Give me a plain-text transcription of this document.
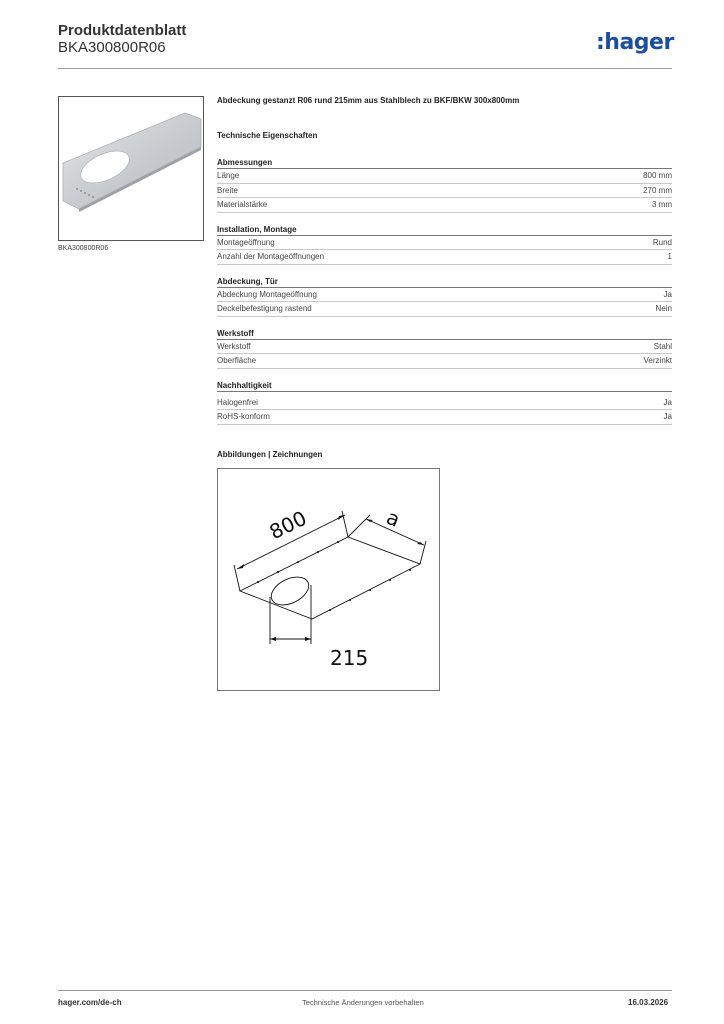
Produktdatenblatt
BKA300800R06	:hager
BKA300800R06
Abdeckung gestanzt R06 rund 215mm aus Stahlblech zu BKF/BKW 300x800mm
Technische Eigenschaften
Abmessungen
Länge	800 mm
Breite	270 mm
Materialstärke	3 mm
Installation, Montage
Montageöffnung	Rund
Anzahl der Montageöffnungen	1
Abdeckung, Tür
Abdeckung Montageöffnung	Ja
Deckelbefestigung rastend	Nein
Werkstoff
Werkstoff	Stahl
Oberfläche	Verzinkt
Nachhaltigkeit
Halogenfrei	Ja
RoHS-konform	Ja
Abbildungen | Zeichnungen
800	a
215
hager.com/de-ch	Technische Änderungen vorbehalten	16.03.2026
